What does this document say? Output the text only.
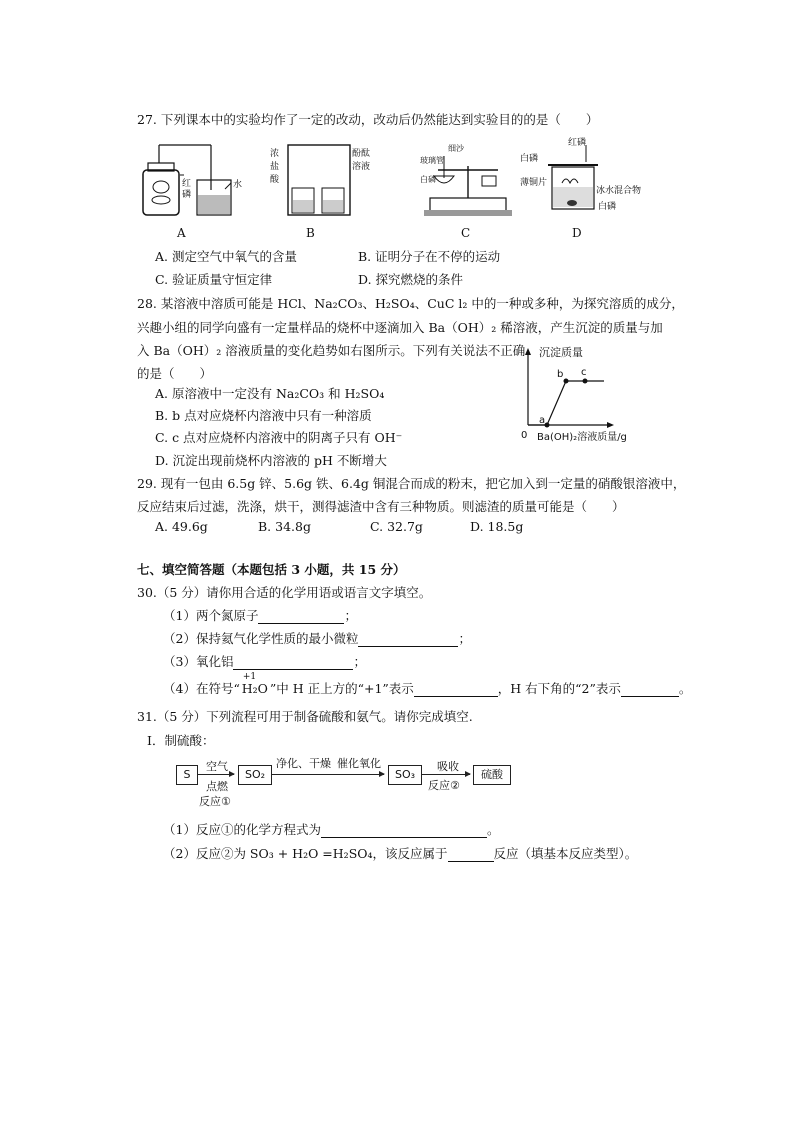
27. 下列课本中的实验均作了一定的改动，改动后仍然能达到实验目的的是（　　）
红
磷
水
A
浓
盐
酸
酚酞
溶液
B
玻璃管
细沙
白磷
C
红磷
白磷
薄铜片
冰水混合物
白磷
D
A. 测定空气中氧气的含量	B. 证明分子在不停的运动
C. 验证质量守恒定律	D. 探究燃烧的条件
28. 某溶液中溶质可能是 HCl、Na₂CO₃、H₂SO₄、CuC l₂ 中的一种或多种，为探究溶质的成分，
兴趣小组的同学向盛有一定量样品的烧杯中逐滴加入 Ba（OH）₂ 稀溶液，产生沉淀的质量与加
入 Ba（OH）₂ 溶液质量的变化趋势如右图所示。下列有关说法不正确
的是（　　）
A. 原溶液中一定没有 Na₂CO₃ 和 H₂SO₄
B. b 点对应烧杯内溶液中只有一种溶质
C. c 点对应烧杯内溶液中的阴离子只有 OH⁻
D. 沉淀出现前烧杯内溶液的 pH 不断增大
沉淀质量
Ba(OH)₂溶液质量/g
0
a
b c
29. 现有一包由 6.5g 锌、5.6g 铁、6.4g 铜混合而成的粉末，把它加入到一定量的硝酸银溶液中，
反应结束后过滤，洗涤，烘干，测得滤渣中含有三种物质。则滤渣的质量可能是（　　）
A. 49.6g	B. 34.8g	C. 32.7g	D. 18.5g
七、填空简答题（本题包括 3 小题，共 15 分）
30.（5 分）请你用合适的化学用语或语言文字填空。
（1）两个氮原子	；
（2）保持氦气化学性质的最小微粒	；
（3）氧化铝	；
（4）在符号“
+1
H₂O ”中 H 正上方的“+1”表示	，H 右下角的“2”表示	。
31.（5 分）下列流程可用于制备硫酸和氨气。请你完成填空.
I．制硫酸：
S
空气
点燃
反应①
SO₂
净化、干燥 催化氧化
SO₃
吸收
反应②
硫酸
（1）反应①的化学方程式为	。
（2）反应②为 SO₃ + H₂O =H₂SO₄，该反应属于	反应（填基本反应类型）。
